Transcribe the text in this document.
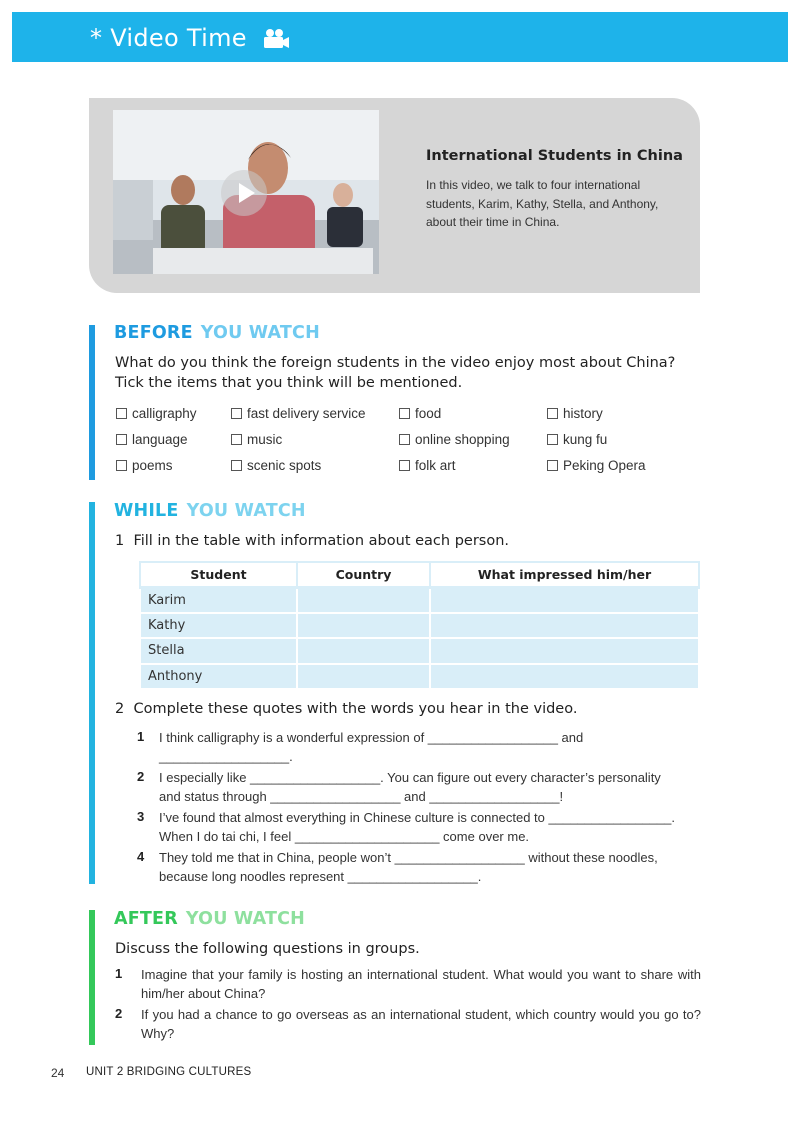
* Video Time
International Students in China
In this video, we talk to four international students, Karim, Kathy, Stella, and Anthony, about their time in China.
BEFORE YOU WATCH
What do you think the foreign students in the video enjoy most about China?
Tick the items that you think will be mentioned.
calligraphy	fast delivery service	food	history
language	music	online shopping	kung fu
poems	scenic spots	folk art	Peking Opera
WHILE YOU WATCH
1 Fill in the table with information about each person.
Student	Country	What impressed him/her
Karim		
Kathy		
Stella		
Anthony		
2 Complete these quotes with the words you hear in the video.
1 I think calligraphy is a wonderful expression of __________________ and
__________________.
2 I especially like __________________. You can figure out every character’s personality
and status through __________________ and __________________!
3 I’ve found that almost everything in Chinese culture is connected to _________________.
When I do tai chi, I feel ____________________ come over me.
4 They told me that in China, people won’t __________________ without these noodles,
because long noodles represent __________________.
AFTER YOU WATCH
Discuss the following questions in groups.
1 Imagine that your family is hosting an international student. What would you want to share with him/her about China?
2 If you had a chance to go overseas as an international student, which country would you go to? Why?
24 UNIT 2 BRIDGING CULTURES
